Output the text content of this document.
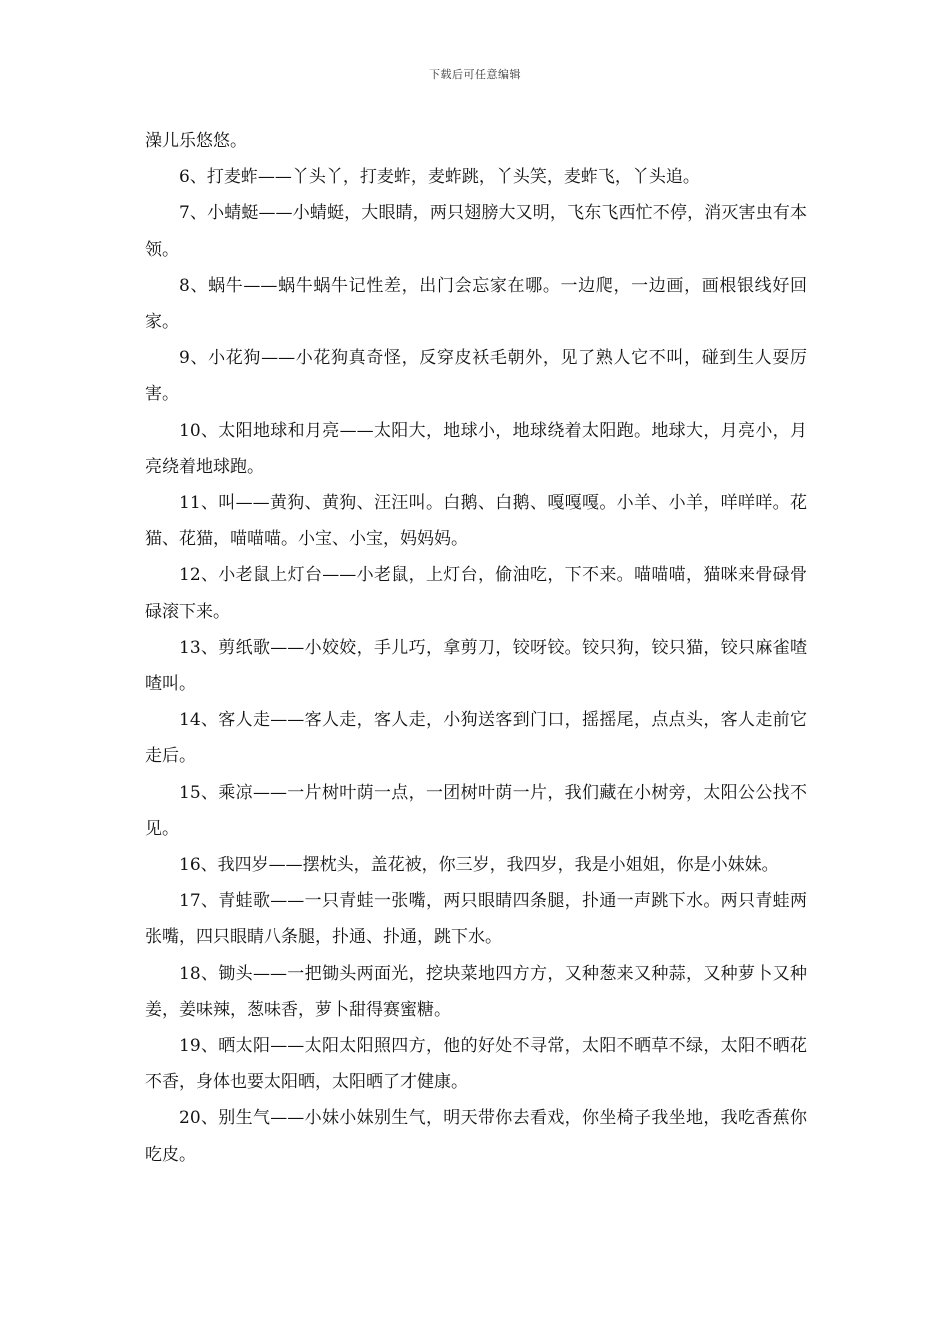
下载后可任意编辑

澡儿乐悠悠。

6、打麦蚱——丫头丫，打麦蚱，麦蚱跳，丫头笑，麦蚱飞，丫头追。

7、小蜻蜓——小蜻蜓，大眼睛，两只翅膀大又明，飞东飞西忙不停，消灭害虫有本领。

8、蜗牛——蜗牛蜗牛记性差，出门会忘家在哪。一边爬，一边画，画根银线好回家。

9、小花狗——小花狗真奇怪，反穿皮袄毛朝外，见了熟人它不叫，碰到生人耍厉害。

10、太阳地球和月亮——太阳大，地球小，地球绕着太阳跑。地球大，月亮小，月亮绕着地球跑。

11、叫——黄狗、黄狗、汪汪叫。白鹅、白鹅、嘎嘎嘎。小羊、小羊，咩咩咩。花猫、花猫，喵喵喵。小宝、小宝，妈妈妈。

12、小老鼠上灯台——小老鼠，上灯台，偷油吃，下不来。喵喵喵，猫咪来骨碌骨碌滚下来。

13、剪纸歌——小姣姣，手儿巧，拿剪刀，铰呀铰。铰只狗，铰只猫，铰只麻雀喳喳叫。

14、客人走——客人走，客人走，小狗送客到门口，摇摇尾，点点头，客人走前它走后。

15、乘凉——一片树叶荫一点，一团树叶荫一片，我们藏在小树旁，太阳公公找不见。

16、我四岁——摆枕头，盖花被，你三岁，我四岁，我是小姐姐，你是小妹妹。

17、青蛙歌——一只青蛙一张嘴，两只眼睛四条腿，扑通一声跳下水。两只青蛙两张嘴，四只眼睛八条腿，扑通、扑通，跳下水。

18、锄头——一把锄头两面光，挖块菜地四方方，又种葱来又种蒜，又种萝卜又种姜，姜味辣，葱味香，萝卜甜得赛蜜糖。

19、晒太阳——太阳太阳照四方，他的好处不寻常，太阳不晒草不绿，太阳不晒花不香，身体也要太阳晒，太阳晒了才健康。

20、别生气——小妹小妹别生气，明天带你去看戏，你坐椅子我坐地，我吃香蕉你吃皮。
